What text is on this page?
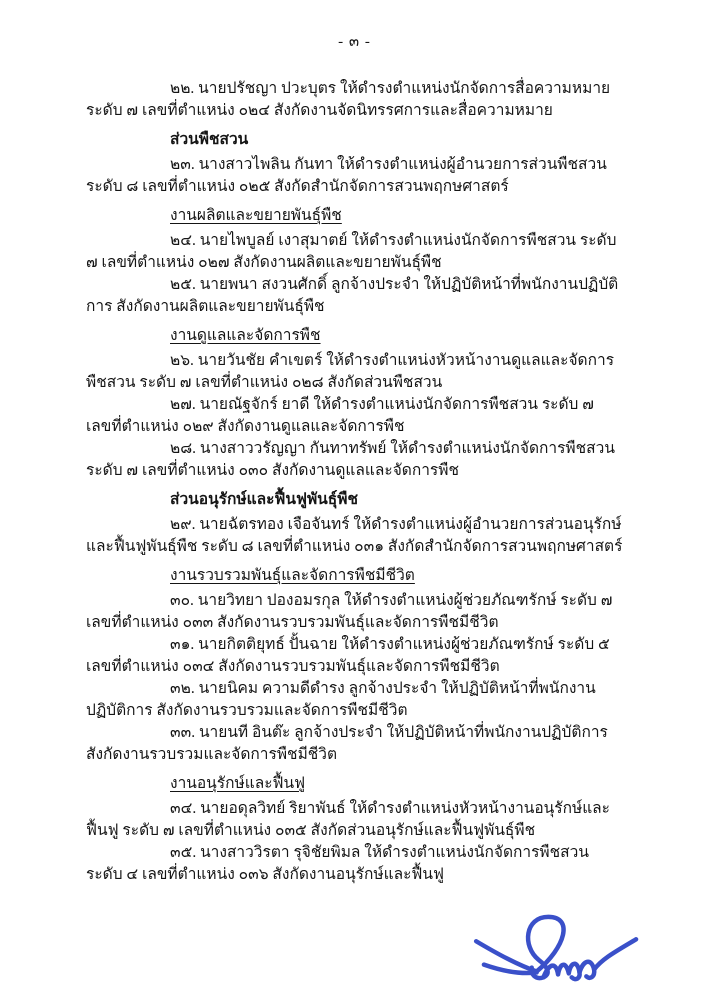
- ๓ -

๒๒. นายปรัชญา ปวะบุตร ให้ดำรงตำแหน่งนักจัดการสื่อความหมาย ระดับ ๗ เลขที่ตำแหน่ง ๐๒๔ สังกัดงานจัดนิทรรศการและสื่อความหมาย

ส่วนพืชสวน

๒๓. นางสาวไพลิน กันทา ให้ดำรงตำแหน่งผู้อำนวยการส่วนพืชสวน ระดับ ๘ เลขที่ตำแหน่ง ๐๒๕ สังกัดสำนักจัดการสวนพฤกษศาสตร์

งานผลิตและขยายพันธุ์พืช

๒๔. นายไพบูลย์ เงาสุมาตย์ ให้ดำรงตำแหน่งนักจัดการพืชสวน ระดับ ๗ เลขที่ตำแหน่ง ๐๒๗ สังกัดงานผลิตและขยายพันธุ์พืช

๒๕. นายพนา สงวนศักดิ์ ลูกจ้างประจำ ให้ปฏิบัติหน้าที่พนักงานปฏิบัติการ สังกัดงานผลิตและขยายพันธุ์พืช

งานดูแลและจัดการพืช

๒๖. นายวันชัย คำเขตร์ ให้ดำรงตำแหน่งหัวหน้างานดูแลและจัดการพืชสวน ระดับ ๗ เลขที่ตำแหน่ง ๐๒๘ สังกัดส่วนพืชสวน

๒๗. นายณัฐจักร์ ยาดี ให้ดำรงตำแหน่งนักจัดการพืชสวน ระดับ ๗ เลขที่ตำแหน่ง ๐๒๙ สังกัดงานดูแลและจัดการพืช

๒๘. นางสาววรัญญา กันทาทรัพย์ ให้ดำรงตำแหน่งนักจัดการพืชสวน ระดับ ๗ เลขที่ตำแหน่ง ๐๓๐ สังกัดงานดูแลและจัดการพืช

ส่วนอนุรักษ์และฟื้นฟูพันธุ์พืช

๒๙. นายฉัตรทอง เจือจันทร์ ให้ดำรงตำแหน่งผู้อำนวยการส่วนอนุรักษ์และฟื้นฟูพันธุ์พืช ระดับ ๘ เลขที่ตำแหน่ง ๐๓๑ สังกัดสำนักจัดการสวนพฤกษศาสตร์

งานรวบรวมพันธุ์และจัดการพืชมีชีวิต

๓๐. นายวิทยา ปองอมรกุล ให้ดำรงตำแหน่งผู้ช่วยภัณฑรักษ์ ระดับ ๗ เลขที่ตำแหน่ง ๐๓๓ สังกัดงานรวบรวมพันธุ์และจัดการพืชมีชีวิต

๓๑. นายกิตติยุทธ์ ปั้นฉาย ให้ดำรงตำแหน่งผู้ช่วยภัณฑรักษ์ ระดับ ๕ เลขที่ตำแหน่ง ๐๓๔ สังกัดงานรวบรวมพันธุ์และจัดการพืชมีชีวิต

๓๒. นายนิคม ความดีดำรง ลูกจ้างประจำ ให้ปฏิบัติหน้าที่พนักงานปฏิบัติการ สังกัดงานรวบรวมและจัดการพืชมีชีวิต

๓๓. นายนที อินต๊ะ ลูกจ้างประจำ ให้ปฏิบัติหน้าที่พนักงานปฏิบัติการ สังกัดงานรวบรวมและจัดการพืชมีชีวิต

งานอนุรักษ์และฟื้นฟู

๓๔. นายอดุลวิทย์ ริยาพันธ์ ให้ดำรงตำแหน่งหัวหน้างานอนุรักษ์และฟื้นฟู ระดับ ๗ เลขที่ตำแหน่ง ๐๓๕ สังกัดส่วนอนุรักษ์และฟื้นฟูพันธุ์พืช

๓๕. นางสาววิรตา รุจิชัยพิมล ให้ดำรงตำแหน่งนักจัดการพืชสวน ระดับ ๔ เลขที่ตำแหน่ง ๐๓๖ สังกัดงานอนุรักษ์และฟื้นฟู
